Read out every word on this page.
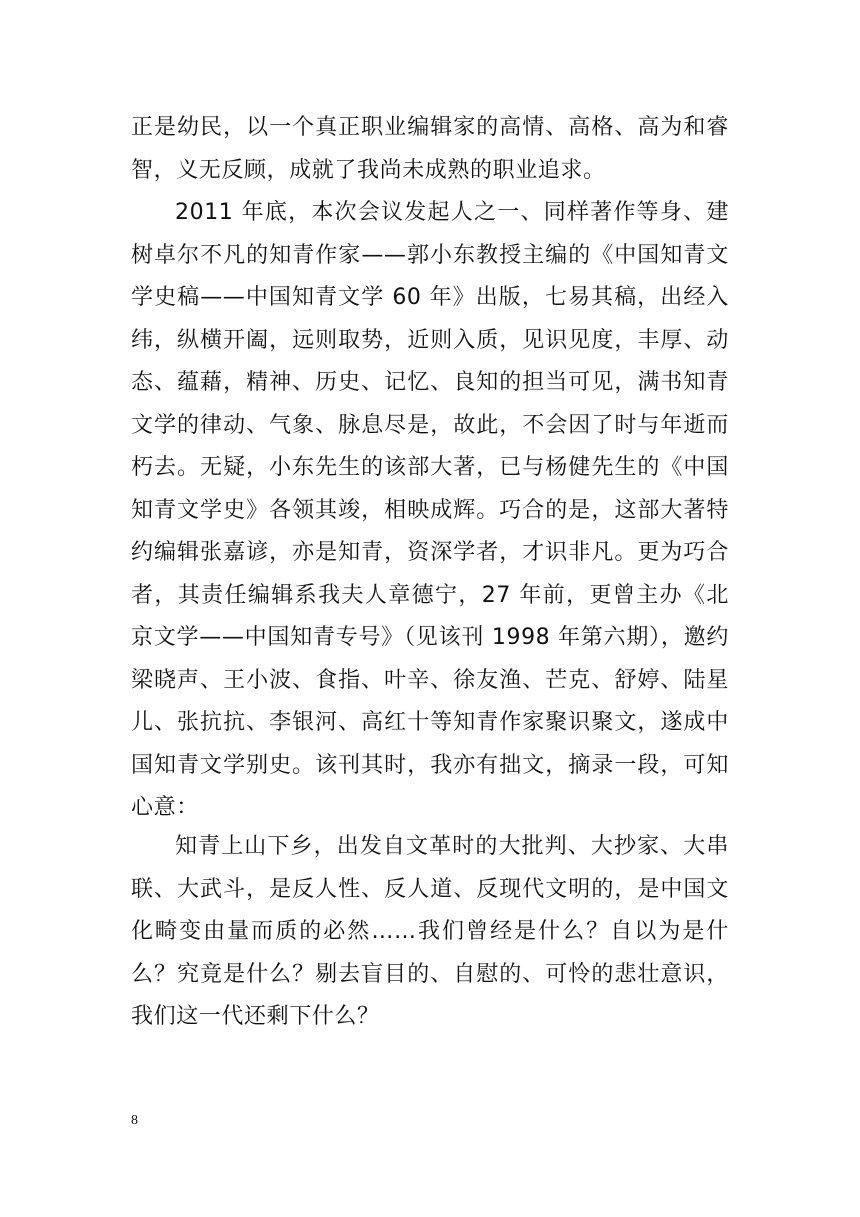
正是幼民，以一个真正职业编辑家的高情、高格、高为和睿智，义无反顾，成就了我尚未成熟的职业追求。

2011 年底，本次会议发起人之一、同样著作等身、建树卓尔不凡的知青作家——郭小东教授主编的《中国知青文学史稿——中国知青文学 60 年》出版，七易其稿，出经入纬，纵横开阖，远则取势，近则入质，见识见度，丰厚、动态、蕴藉，精神、历史、记忆、良知的担当可见，满书知青文学的律动、气象、脉息尽是，故此，不会因了时与年逝而朽去。无疑，小东先生的该部大著，已与杨健先生的《中国知青文学史》各领其竣，相映成辉。巧合的是，这部大著特约编辑张嘉谚，亦是知青，资深学者，才识非凡。更为巧合者，其责任编辑系我夫人章德宁，27 年前，更曾主办《北京文学——中国知青专号》（见该刊 1998 年第六期），邀约梁晓声、王小波、食指、叶辛、徐友渔、芒克、舒婷、陆星儿、张抗抗、李银河、高红十等知青作家聚识聚文，遂成中国知青文学别史。该刊其时，我亦有拙文，摘录一段，可知心意：

知青上山下乡，出发自文革时的大批判、大抄家、大串联、大武斗，是反人性、反人道、反现代文明的，是中国文化畸变由量而质的必然……我们曾经是什么？自以为是什么？究竟是什么？剔去盲目的、自慰的、可怜的悲壮意识，我们这一代还剩下什么？

8
